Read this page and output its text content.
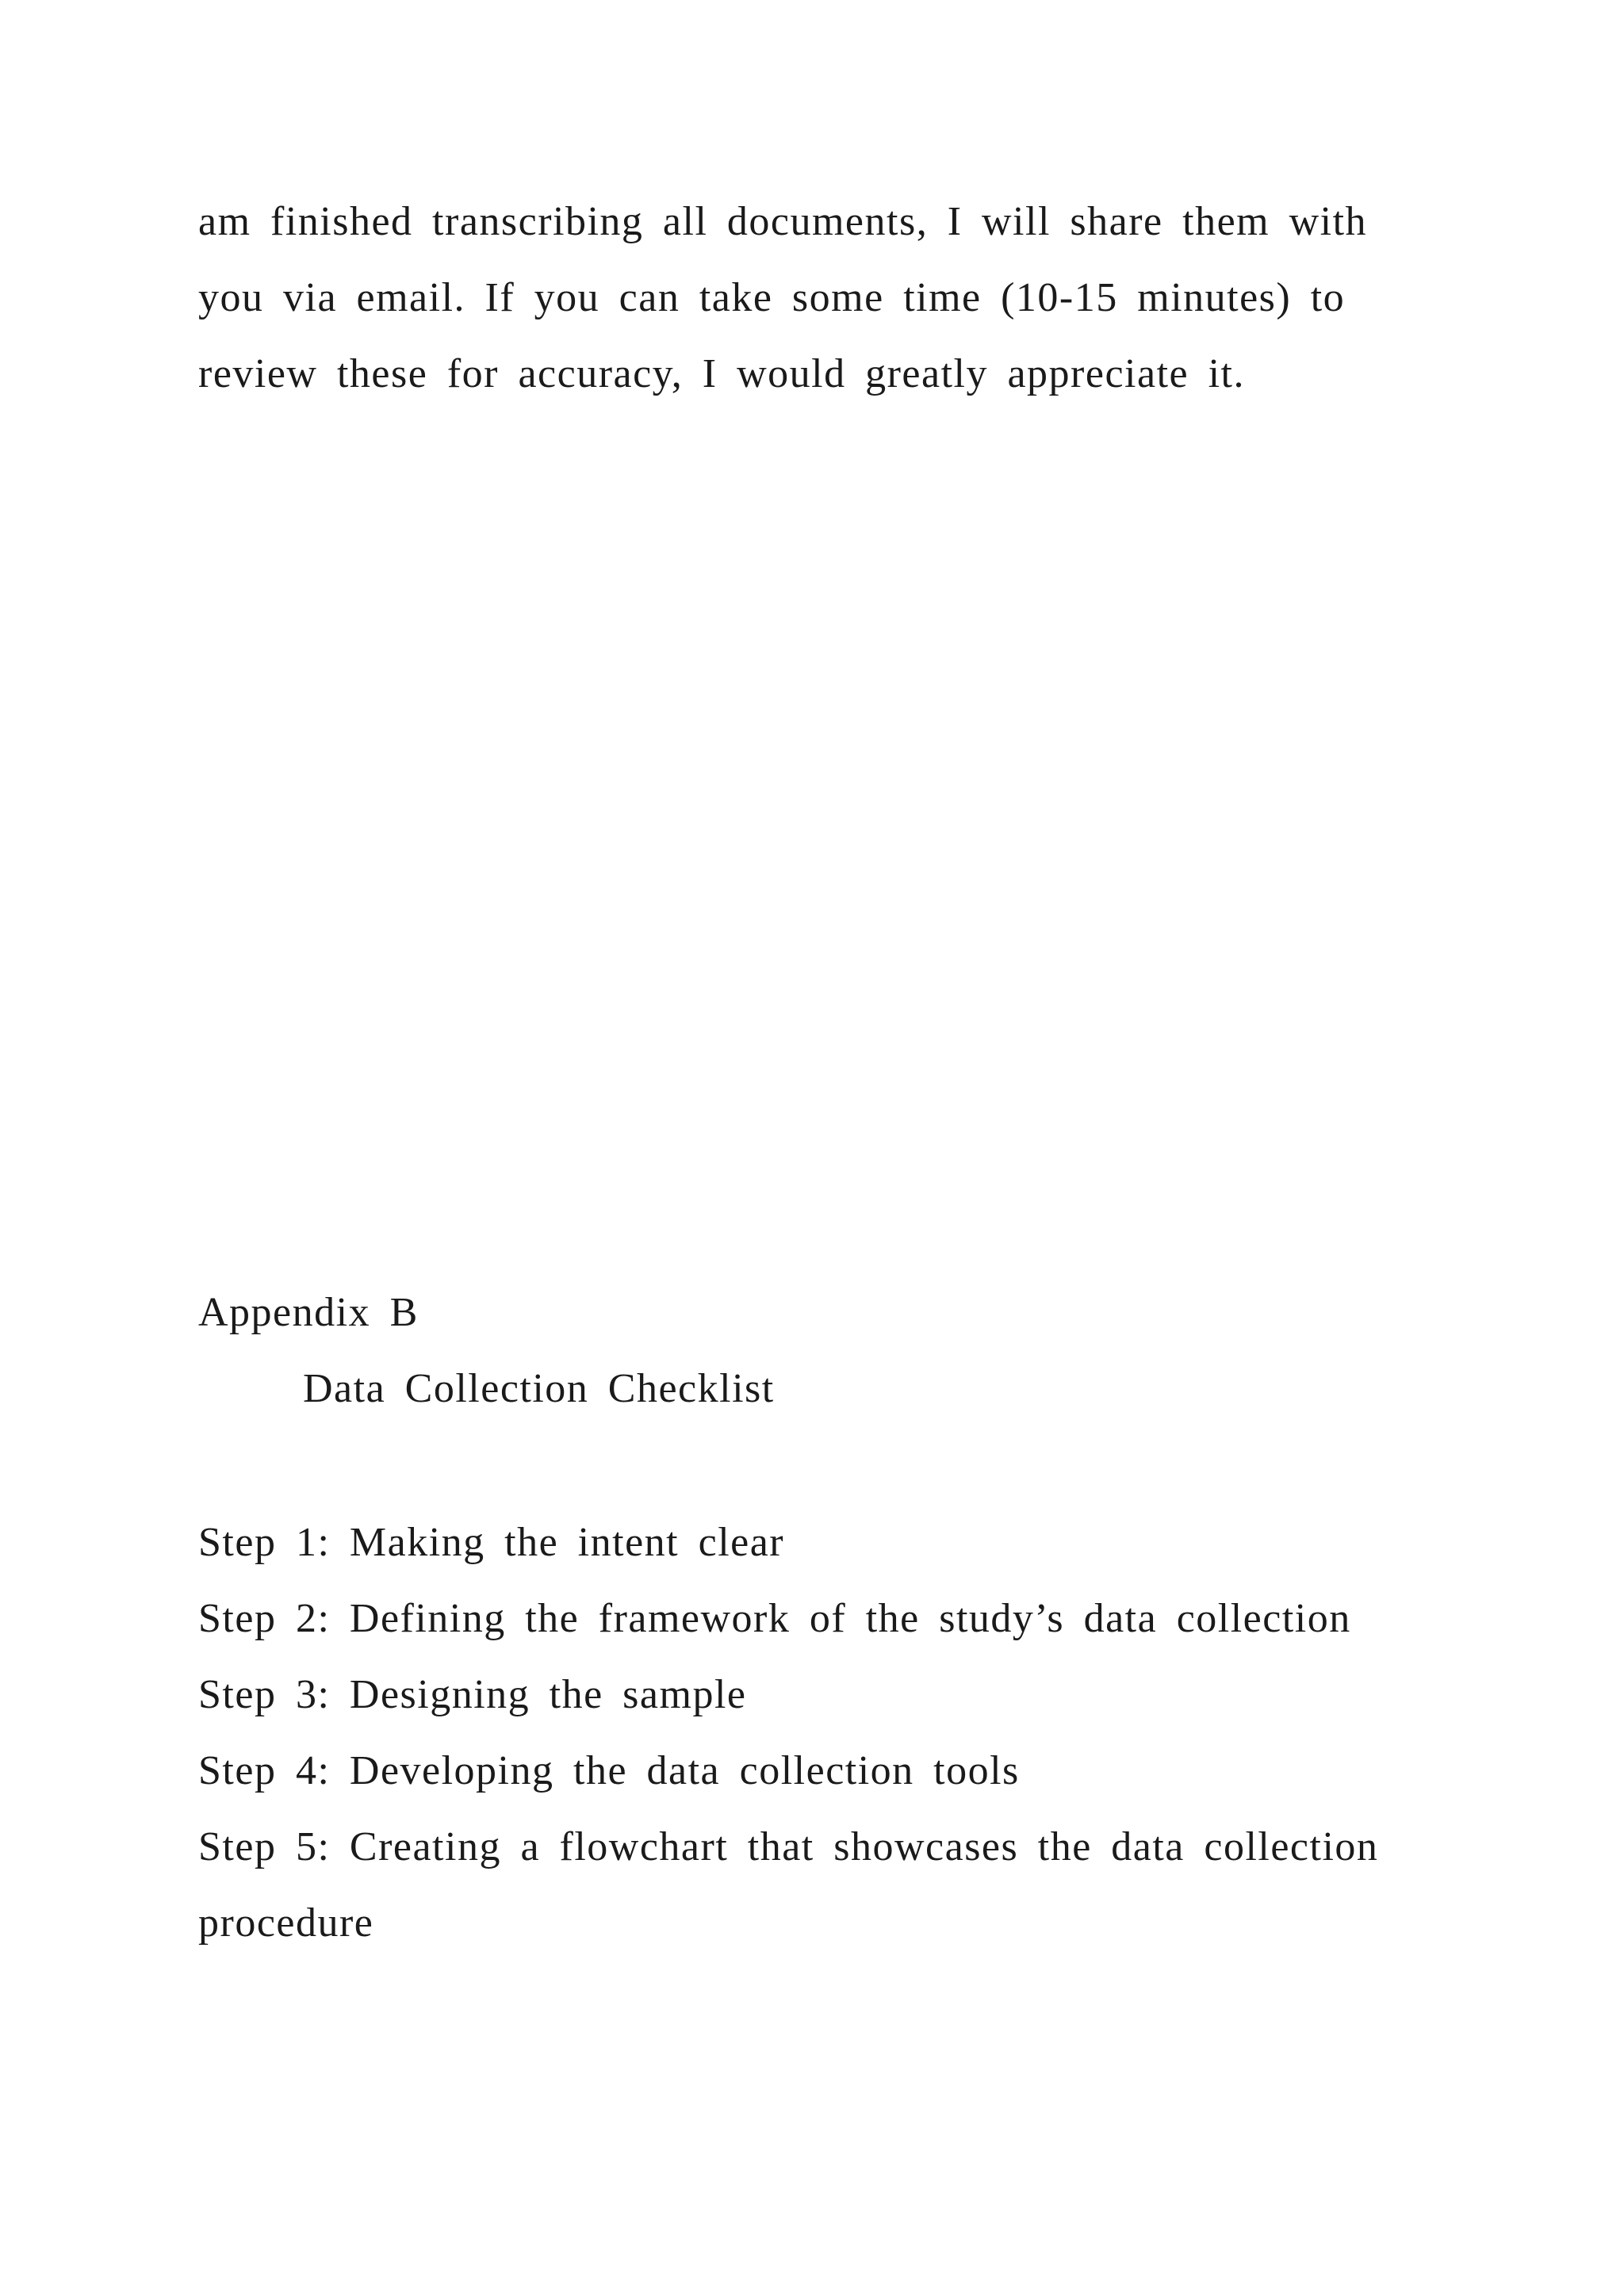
am finished transcribing all documents, I will share them with
you via email. If you can take some time (10-15 minutes) to
review these for accuracy, I would greatly appreciate it.
Appendix B
Data Collection Checklist
Step 1: Making the intent clear
Step 2: Defining the framework of the study’s data collection
Step 3: Designing the sample
Step 4: Developing the data collection tools
Step 5: Creating a flowchart that showcases the data collection
procedure
